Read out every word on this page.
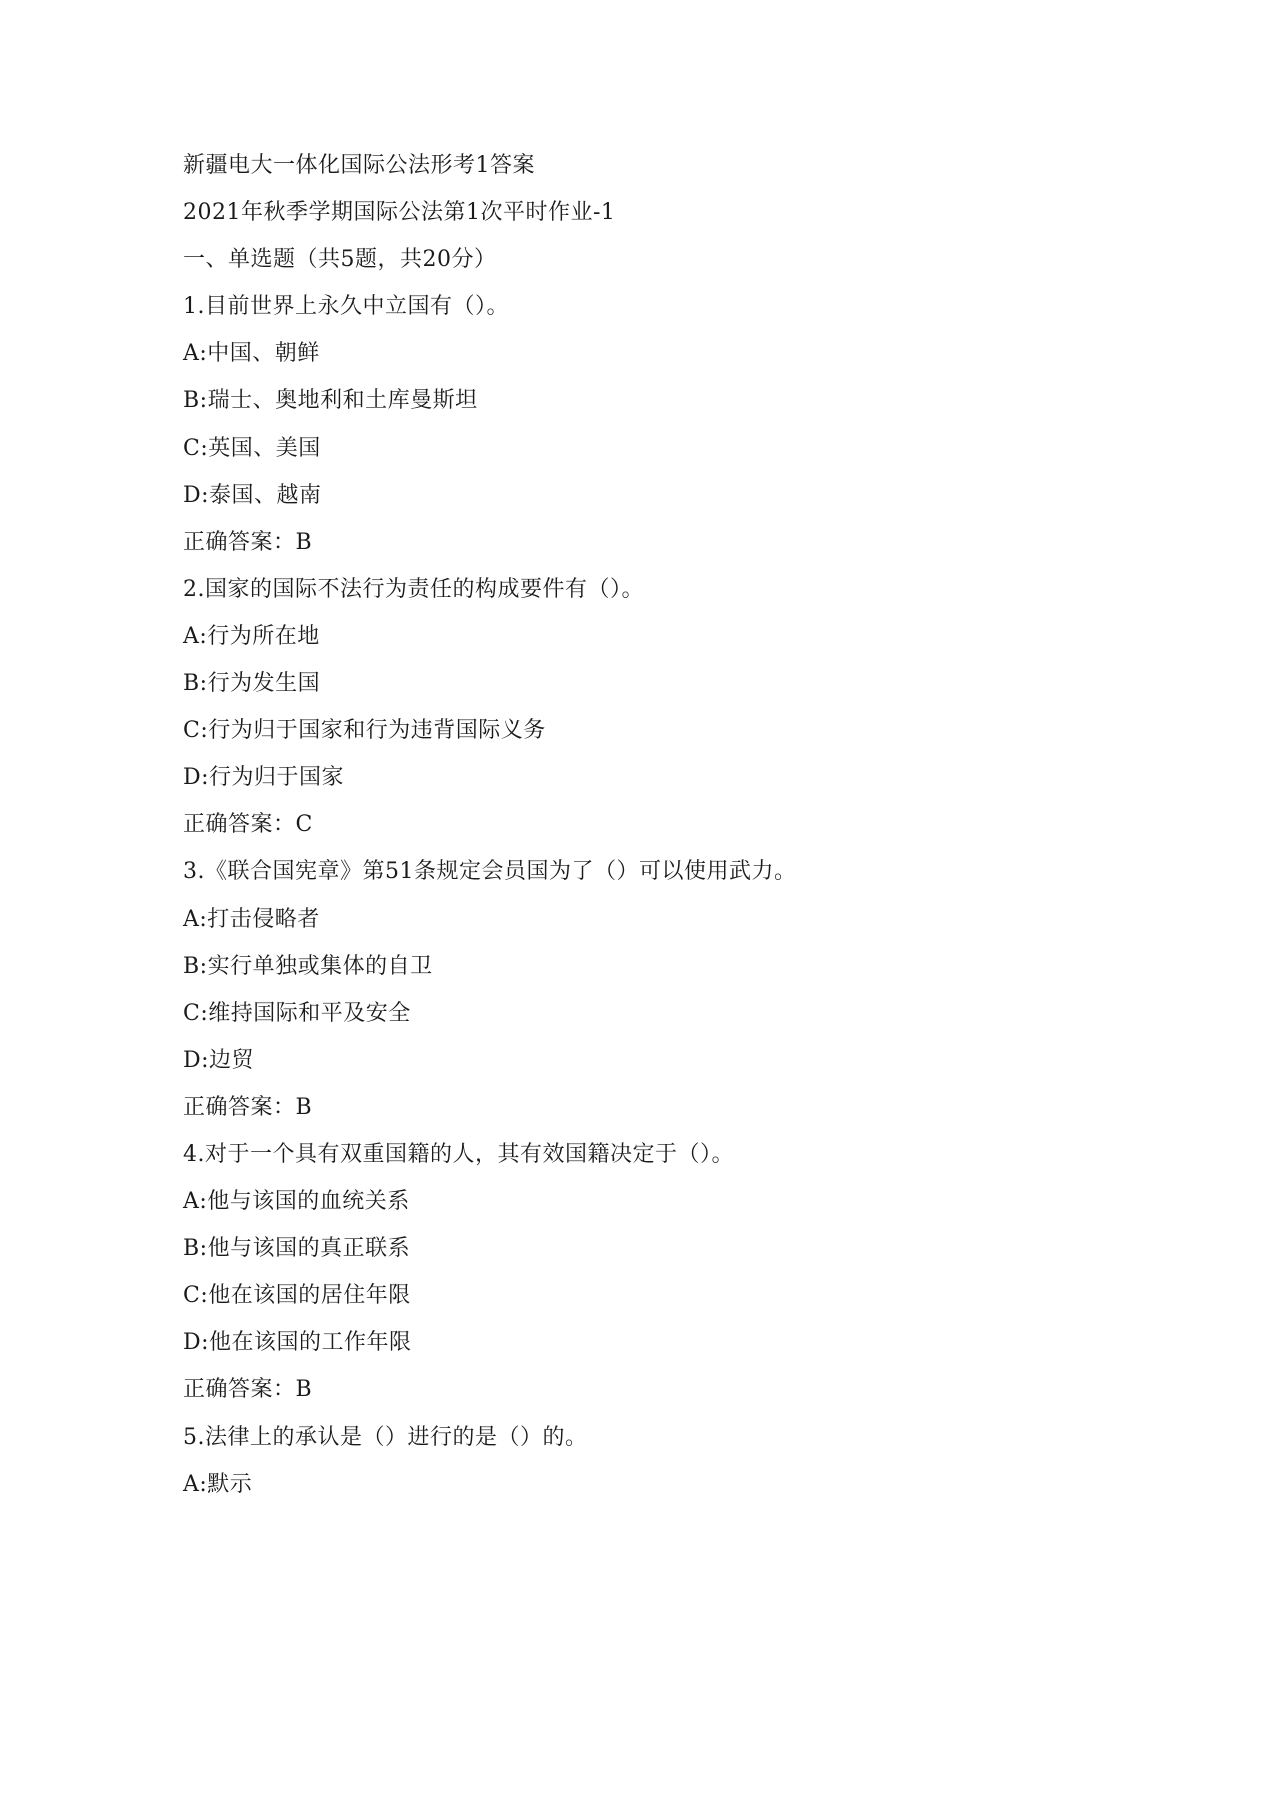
新疆电大一体化国际公法形考1答案
2021年秋季学期国际公法第1次平时作业-1
一、单选题（共5题，共20分）
1.目前世界上永久中立国有（）。
A:中国、朝鲜
B:瑞士、奥地利和土库曼斯坦
C:英国、美国
D:泰国、越南
正确答案：B
2.国家的国际不法行为责任的构成要件有（）。
A:行为所在地
B:行为发生国
C:行为归于国家和行为违背国际义务
D:行为归于国家
正确答案：C
3.《联合国宪章》第51条规定会员国为了（）可以使用武力。
A:打击侵略者
B:实行单独或集体的自卫
C:维持国际和平及安全
D:边贸
正确答案：B
4.对于一个具有双重国籍的人，其有效国籍决定于（）。
A:他与该国的血统关系
B:他与该国的真正联系
C:他在该国的居住年限
D:他在该国的工作年限
正确答案：B
5.法律上的承认是（）进行的是（）的。
A:默示
